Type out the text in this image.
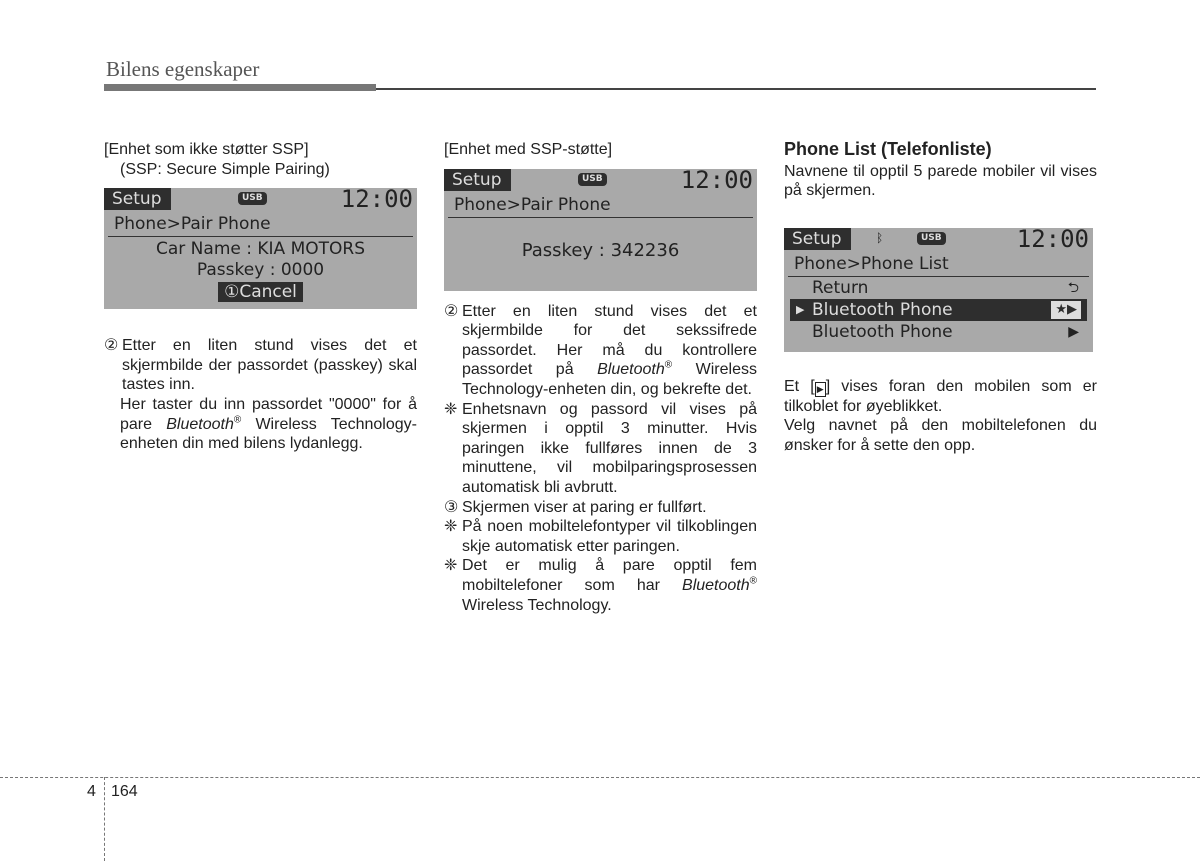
Bilens egenskaper

[Enhet som ikke støtter SSP]

(SSP: Secure Simple Pairing)

② Etter en liten stund vises det et skjermbilde der passordet (passkey) skal tastes inn.

Her taster du inn passordet "0000" for å pare Bluetooth® Wireless Technology-enheten din med bilens lydanlegg.

Setup	USB	12:00
Phone>Pair Phone
Car Name : KIA MOTORS
Passkey : 0000
①Cancel

[Enhet med SSP-støtte]

② Etter en liten stund vises det et skjermbilde for det sekssifrede passordet. Her må du kontrollere passordet på Bluetooth® Wireless Technology-enheten din, og bekrefte det.
❈ Enhetsnavn og passord vil vises på skjermen i opptil 3 minutter. Hvis paringen ikke fullføres innen de 3 minuttene, vil mobilparingsprosessen automatisk bli avbrutt.
③ Skjermen viser at paring er fullført.
❈ På noen mobiltelefontyper vil tilkoblingen skje automatisk etter paringen.
❈ Det er mulig å pare opptil fem mobiltelefoner som har Bluetooth® Wireless Technology.
Setup	USB	12:00
Phone>Pair Phone
Passkey : 342236
Phone List (Telefonliste)

Navnene til opptil 5 parede mobiler vil vises på skjermen.

Et [ ▶ ] vises foran den mobilen som er tilkoblet for øyeblikket.

Velg navnet på den mobiltelefonen du ønsker for å sette den opp.

Setup	ᛒ	USB	12:00
Phone>Phone List
Return	⮌
▶ Bluetooth Phone	★▶
Bluetooth Phone	▶
4 164
